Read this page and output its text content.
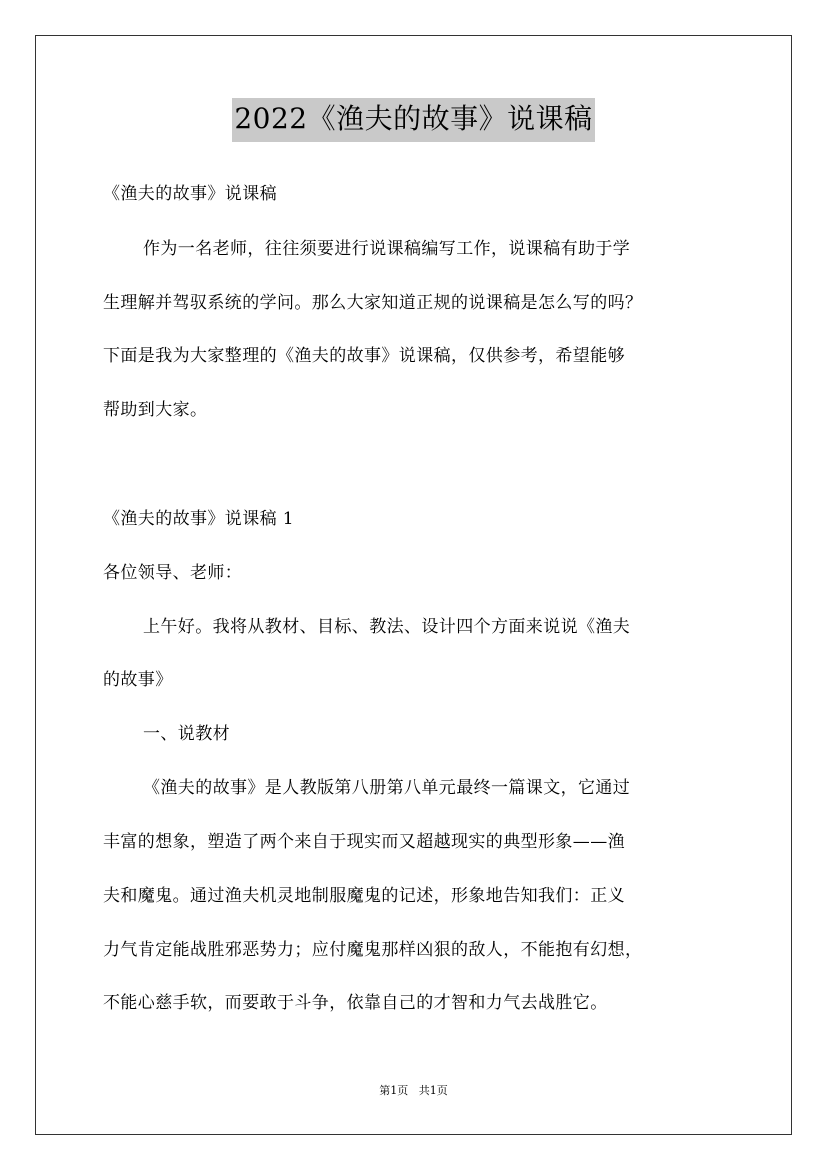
2022《渔夫的故事》说课稿
《渔夫的故事》说课稿
作为一名老师，往往须要进行说课稿编写工作，说课稿有助于学
生理解并驾驭系统的学问。那么大家知道正规的说课稿是怎么写的吗？
下面是我为大家整理的《渔夫的故事》说课稿，仅供参考，希望能够
帮助到大家。
《渔夫的故事》说课稿 1
各位领导、老师：
上午好。我将从教材、目标、教法、设计四个方面来说说《渔夫
的故事》
一、说教材
《渔夫的故事》是人教版第八册第八单元最终一篇课文，它通过
丰富的想象，塑造了两个来自于现实而又超越现实的典型形象——渔
夫和魔鬼。通过渔夫机灵地制服魔鬼的记述，形象地告知我们：正义
力气肯定能战胜邪恶势力；应付魔鬼那样凶狠的敌人，不能抱有幻想，
不能心慈手软，而要敢于斗争，依靠自己的才智和力气去战胜它。
第1页 共1页
